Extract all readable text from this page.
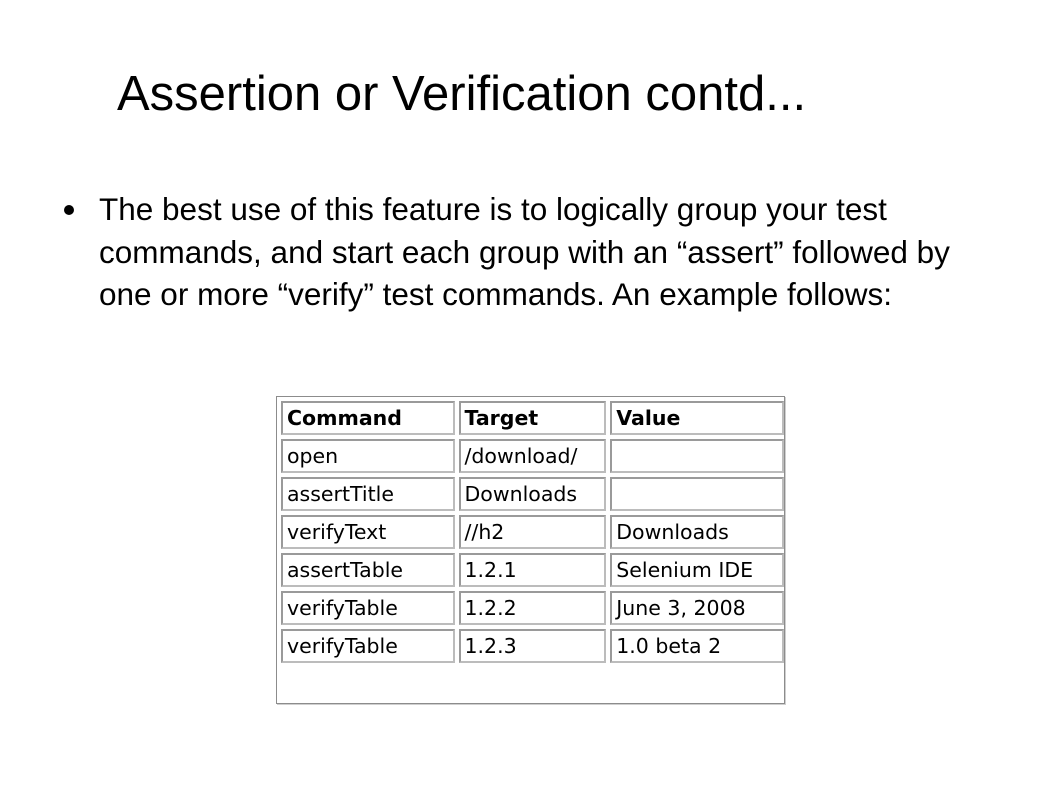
Assertion or Verification contd...
The best use of this feature is to logically group your test commands, and start each group with an “assert” followed by one or more “verify” test commands. An example follows:
Command	Target	Value
open	/download/	
assertTitle	Downloads	
verifyText	//h2	Downloads
assertTable	1.2.1	Selenium IDE
verifyTable	1.2.2	June 3, 2008
verifyTable	1.2.3	1.0 beta 2
